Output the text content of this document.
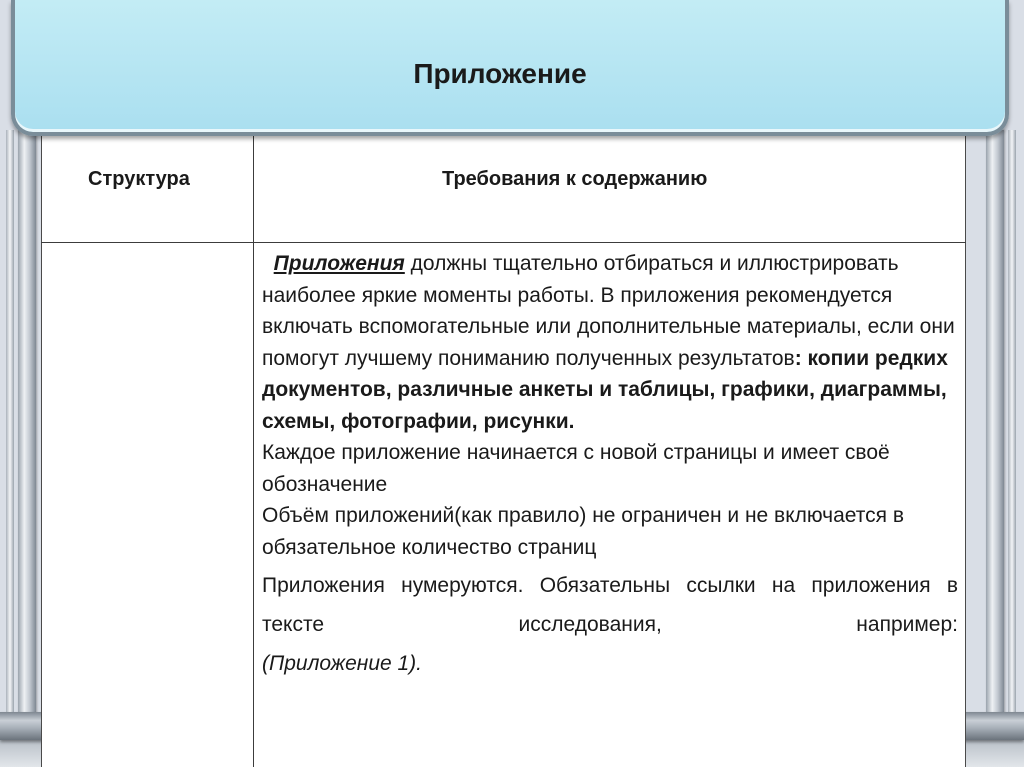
Приложение
Структура	Требования к содержанию

Приложения должны тщательно отбираться и иллюстрировать наиболее яркие моменты работы. В приложения рекомендуется включать вспомогательные или дополнительные материалы, если они помогут лучшему пониманию полученных результатов: копии редких документов, различные анкеты и таблицы, графики, диаграммы, схемы, фотографии, рисунки.

Каждое приложение начинается с новой страницы и имеет своё обозначение

Объём приложений(как правило) не ограничен и не включается в обязательное количество страниц

Приложения нумеруются. Обязательны ссылки на приложения в тексте исследования, например:

(Приложение 1).
